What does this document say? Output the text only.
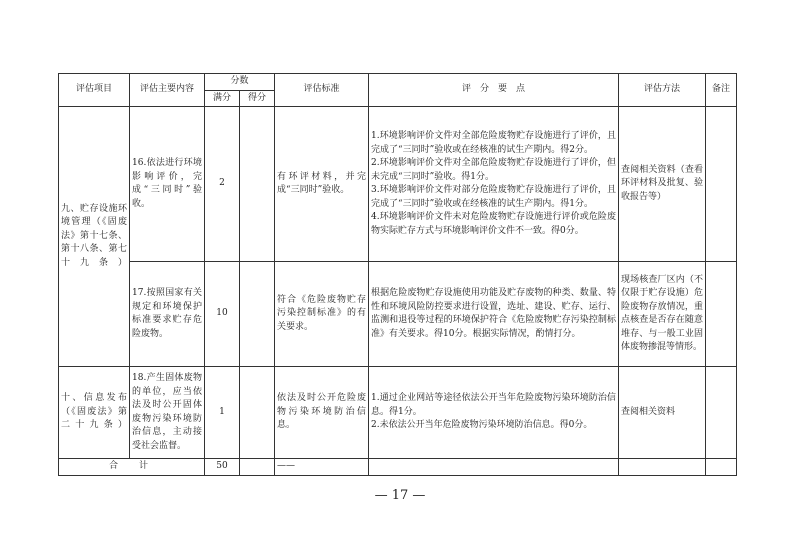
评估项目	评估主要内容	分数		评估标准	评　分　要　点	评估方法	备注
		满分	得分				
九、贮存设施环境管理（《固废法》第十七条、第十八条、第七十九条）	16.依法进行环境影响评价，完成“三同时”验收。	2		有环评材料，并完成“三同时”验收。	1.环境影响评价文件对全部危险废物贮存设施进行了评价，且完成了“三同时”验收或在经核准的试生产期内。得2分。
2.环境影响评价文件对全部危险废物贮存设施进行了评价，但未完成“三同时”验收。得1分。
3.环境影响评价文件对部分危险废物贮存设施进行了评价，且完成了“三同时”验收或在经核准的试生产期内。得1分。
4.环境影响评价文件未对危险废物贮存设施进行评价或危险废物实际贮存方式与环境影响评价文件不一致。得0分。	查阅相关资料（查看环评材料及批复、验收报告等）	
	17.按照国家有关规定和环境保护标准要求贮存危险废物。	10		符合《危险废物贮存污染控制标准》的有关要求。	根据危险废物贮存设施使用功能及贮存废物的种类、数量、特性和环境风险防控要求进行设置，选址、建设、贮存、运行、监测和退役等过程的环境保护符合《危险废物贮存污染控制标准》有关要求。得10分。根据实际情况，酌情打分。	现场核查厂区内（不仅限于贮存设施）危险废物存放情况，重点核查是否存在随意堆存、与一般工业固体废物掺混等情形。	
十、信息发布（《固废法》第二十九条）	18.产生固体废物的单位，应当依法及时公开固体废物污染环境防治信息，主动接受社会监督。	1		依法及时公开危险废物污染环境防治信息。	1.通过企业网站等途径依法公开当年危险废物污染环境防治信息。得1分。
2.未依法公开当年危险废物污染环境防治信息。得0分。	查阅相关资料	
合　计		50		——			
— 17 —
